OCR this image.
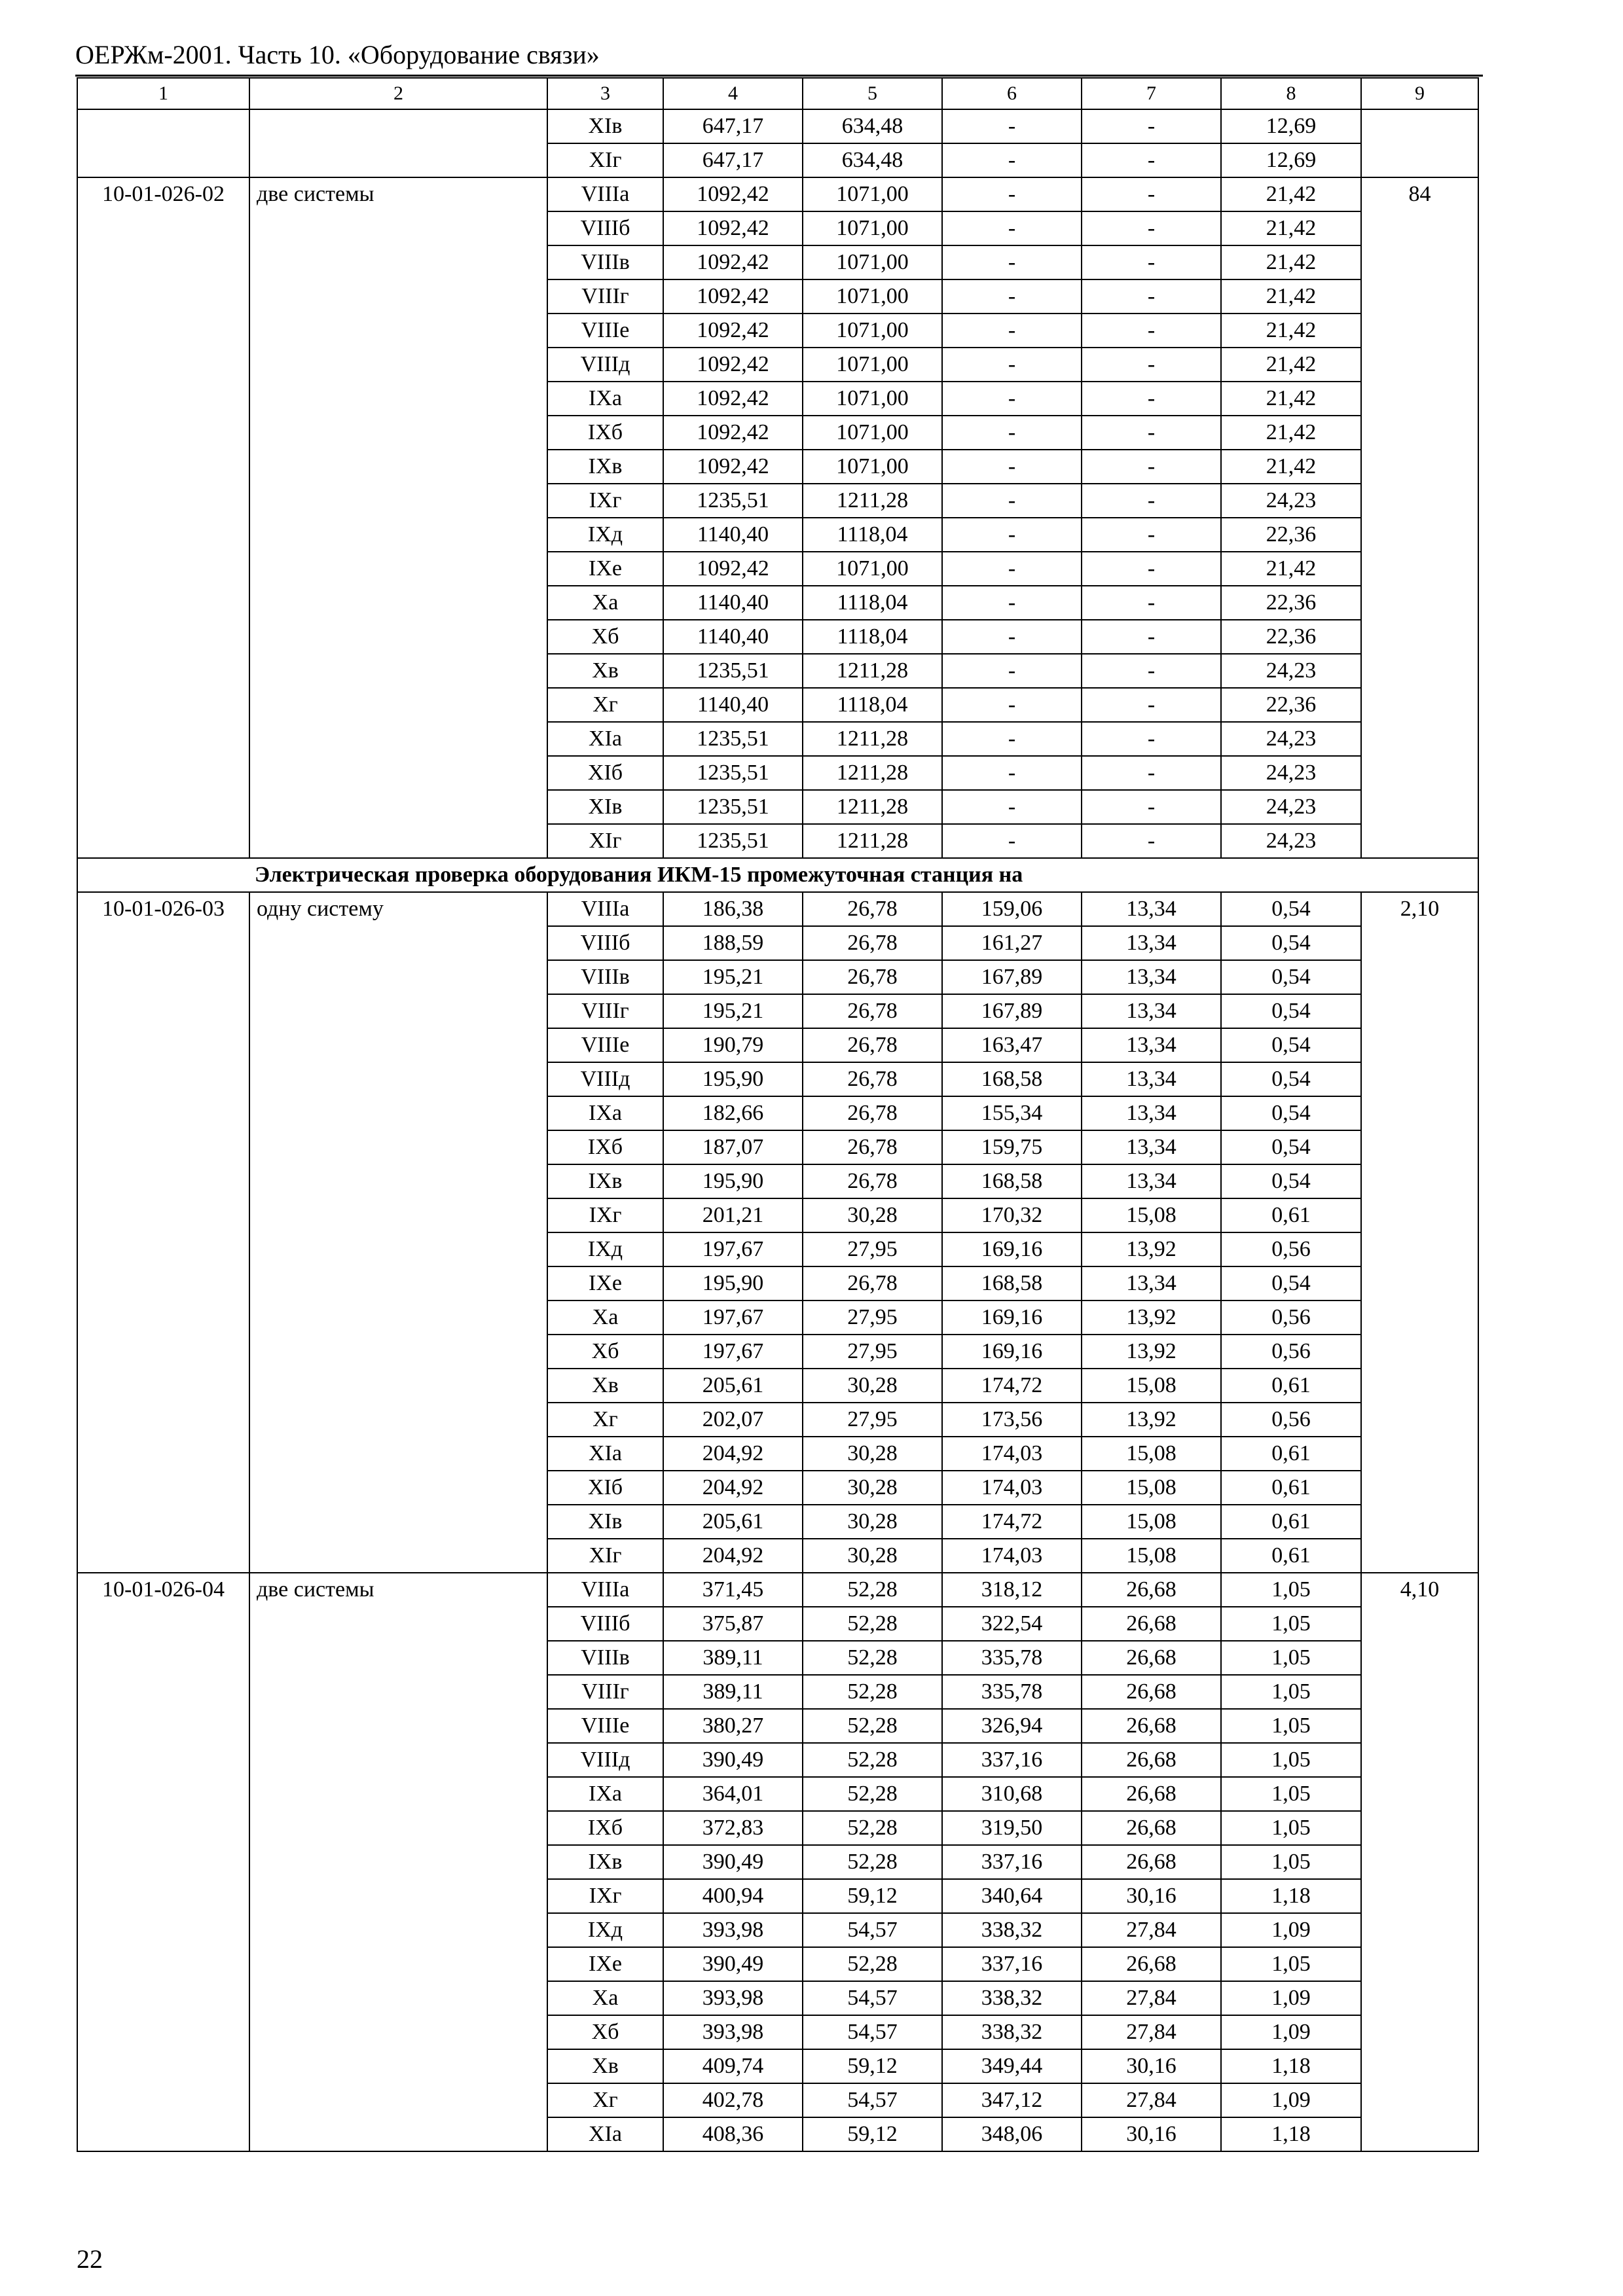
ОЕРЖм-2001. Часть 10. «Оборудование связи»
1	2	3	4	5	6	7	8	9
		XIв	647,17	634,48	-	-	12,69	
		XIг	647,17	634,48	-	-	12,69	
10-01-026-02	две системы	VIIIа	1092,42	1071,00	-	-	21,42	84
		VIIIб	1092,42	1071,00	-	-	21,42	
		VIIIв	1092,42	1071,00	-	-	21,42	
		VIIIг	1092,42	1071,00	-	-	21,42	
		VIIIе	1092,42	1071,00	-	-	21,42	
		VIIIд	1092,42	1071,00	-	-	21,42	
		IXа	1092,42	1071,00	-	-	21,42	
		IXб	1092,42	1071,00	-	-	21,42	
		IXв	1092,42	1071,00	-	-	21,42	
		IXг	1235,51	1211,28	-	-	24,23	
		IXд	1140,40	1118,04	-	-	22,36	
		IXе	1092,42	1071,00	-	-	21,42	
		Xа	1140,40	1118,04	-	-	22,36	
		Xб	1140,40	1118,04	-	-	22,36	
		Xв	1235,51	1211,28	-	-	24,23	
		Xг	1140,40	1118,04	-	-	22,36	
		XIа	1235,51	1211,28	-	-	24,23	
		XIб	1235,51	1211,28	-	-	24,23	
		XIв	1235,51	1211,28	-	-	24,23	
		XIг	1235,51	1211,28	-	-	24,23	
Электрическая проверка оборудования ИКМ-15 промежуточная станция на								
10-01-026-03	одну систему	VIIIа	186,38	26,78	159,06	13,34	0,54	2,10
		VIIIб	188,59	26,78	161,27	13,34	0,54	
		VIIIв	195,21	26,78	167,89	13,34	0,54	
		VIIIг	195,21	26,78	167,89	13,34	0,54	
		VIIIе	190,79	26,78	163,47	13,34	0,54	
		VIIIд	195,90	26,78	168,58	13,34	0,54	
		IXа	182,66	26,78	155,34	13,34	0,54	
		IXб	187,07	26,78	159,75	13,34	0,54	
		IXв	195,90	26,78	168,58	13,34	0,54	
		IXг	201,21	30,28	170,32	15,08	0,61	
		IXд	197,67	27,95	169,16	13,92	0,56	
		IXе	195,90	26,78	168,58	13,34	0,54	
		Xа	197,67	27,95	169,16	13,92	0,56	
		Xб	197,67	27,95	169,16	13,92	0,56	
		Xв	205,61	30,28	174,72	15,08	0,61	
		Xг	202,07	27,95	173,56	13,92	0,56	
		XIа	204,92	30,28	174,03	15,08	0,61	
		XIб	204,92	30,28	174,03	15,08	0,61	
		XIв	205,61	30,28	174,72	15,08	0,61	
		XIг	204,92	30,28	174,03	15,08	0,61	
10-01-026-04	две системы	VIIIа	371,45	52,28	318,12	26,68	1,05	4,10
		VIIIб	375,87	52,28	322,54	26,68	1,05	
		VIIIв	389,11	52,28	335,78	26,68	1,05	
		VIIIг	389,11	52,28	335,78	26,68	1,05	
		VIIIе	380,27	52,28	326,94	26,68	1,05	
		VIIIд	390,49	52,28	337,16	26,68	1,05	
		IXа	364,01	52,28	310,68	26,68	1,05	
		IXб	372,83	52,28	319,50	26,68	1,05	
		IXв	390,49	52,28	337,16	26,68	1,05	
		IXг	400,94	59,12	340,64	30,16	1,18	
		IXд	393,98	54,57	338,32	27,84	1,09	
		IXе	390,49	52,28	337,16	26,68	1,05	
		Xа	393,98	54,57	338,32	27,84	1,09	
		Xб	393,98	54,57	338,32	27,84	1,09	
		Xв	409,74	59,12	349,44	30,16	1,18	
		Xг	402,78	54,57	347,12	27,84	1,09	
		XIа	408,36	59,12	348,06	30,16	1,18	
22
